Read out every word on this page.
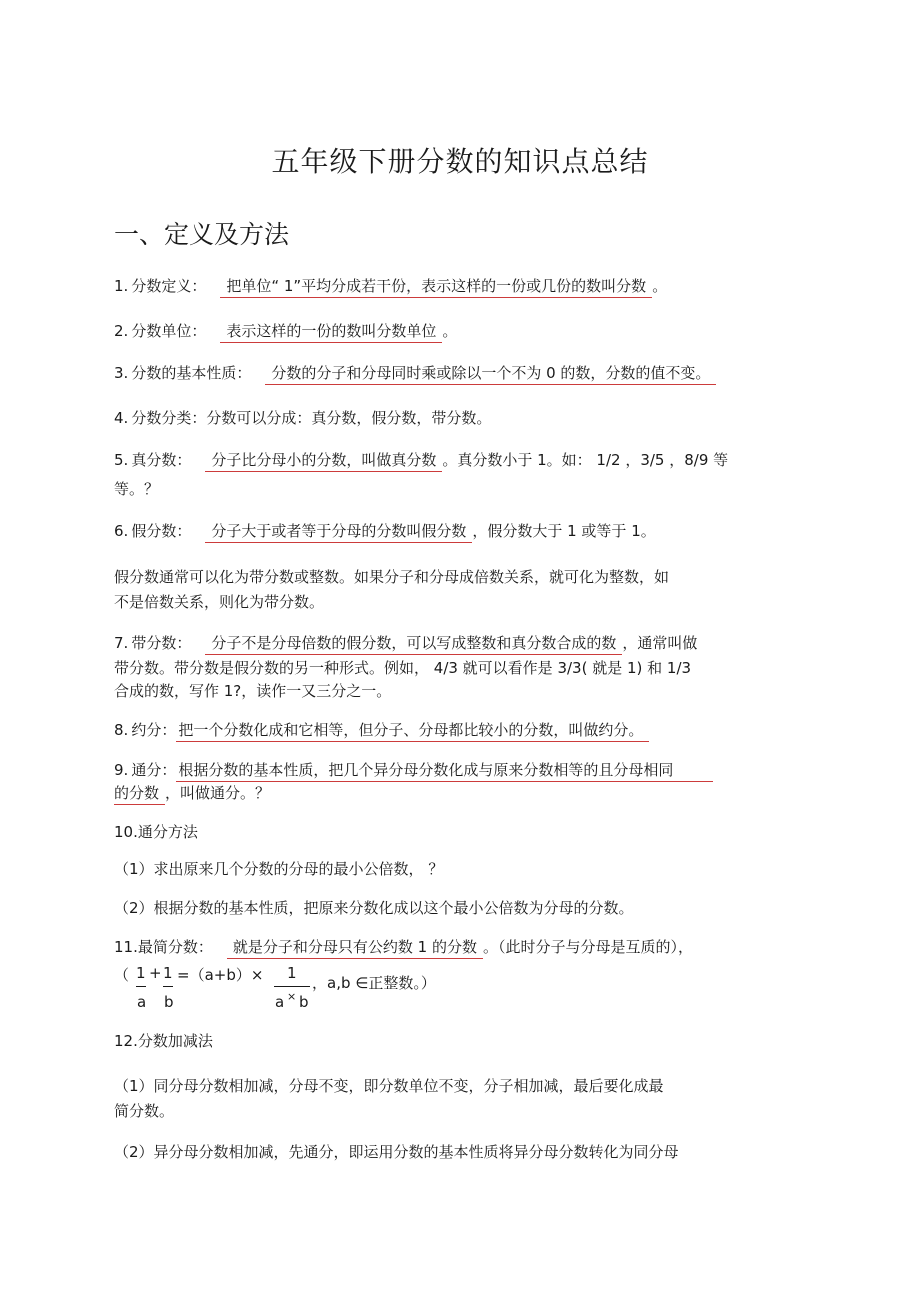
五年级下册分数的知识点总结
一、定义及方法
1. 分数定义： 把单位“ 1”平均分成若干份，表示这样的一份或几份的数叫分数 。
2. 分数单位： 表示这样的一份的数叫分数单位 。
3. 分数的基本性质： 分数的分子和分母同时乘或除以一个不为 0 的数，分数的值不变。
4. 分数分类：分数可以分成：真分数，假分数，带分数。
5. 真分数： 分子比分母小的分数，叫做真分数 。真分数小于 1。如： 1/2 ，3/5 ，8/9 等
等。？
6. 假分数： 分子大于或者等于分母的分数叫假分数 ，假分数大于 1 或等于 1。
假分数通常可以化为带分数或整数。如果分子和分母成倍数关系，就可化为整数，如
不是倍数关系，则化为带分数。
7. 带分数： 分子不是分母倍数的假分数，可以写成整数和真分数合成的数 ，通常叫做
带分数。带分数是假分数的另一种形式。例如， 4/3 就可以看作是 3/3( 就是 1) 和 1/3
合成的数，写作 1?，读作一又三分之一。
8. 约分： 把一个分数化成和它相等，但分子、分母都比较小的分数，叫做约分。
9. 通分： 根据分数的基本性质，把几个异分母分数化成与原来分数相等的且分母相同
的分数 ，叫做通分。？
10.通分方法
（1）求出原来几个分数的分母的最小公倍数， ？
（2）根据分数的基本性质，把原来分数化成以这个最小公倍数为分母的分数。
11.最简分数： 就是分子和分母只有公约数 1 的分数 。（此时分子与分母是互质的），
（ 1 + 1 =（a+b）× 1
，a,b ∈正整数。）
a b	a × b
12.分数加减法
（1）同分母分数相加减，分母不变，即分数单位不变，分子相加减，最后要化成最
简分数。
（2）异分母分数相加减，先通分，即运用分数的基本性质将异分母分数转化为同分母
